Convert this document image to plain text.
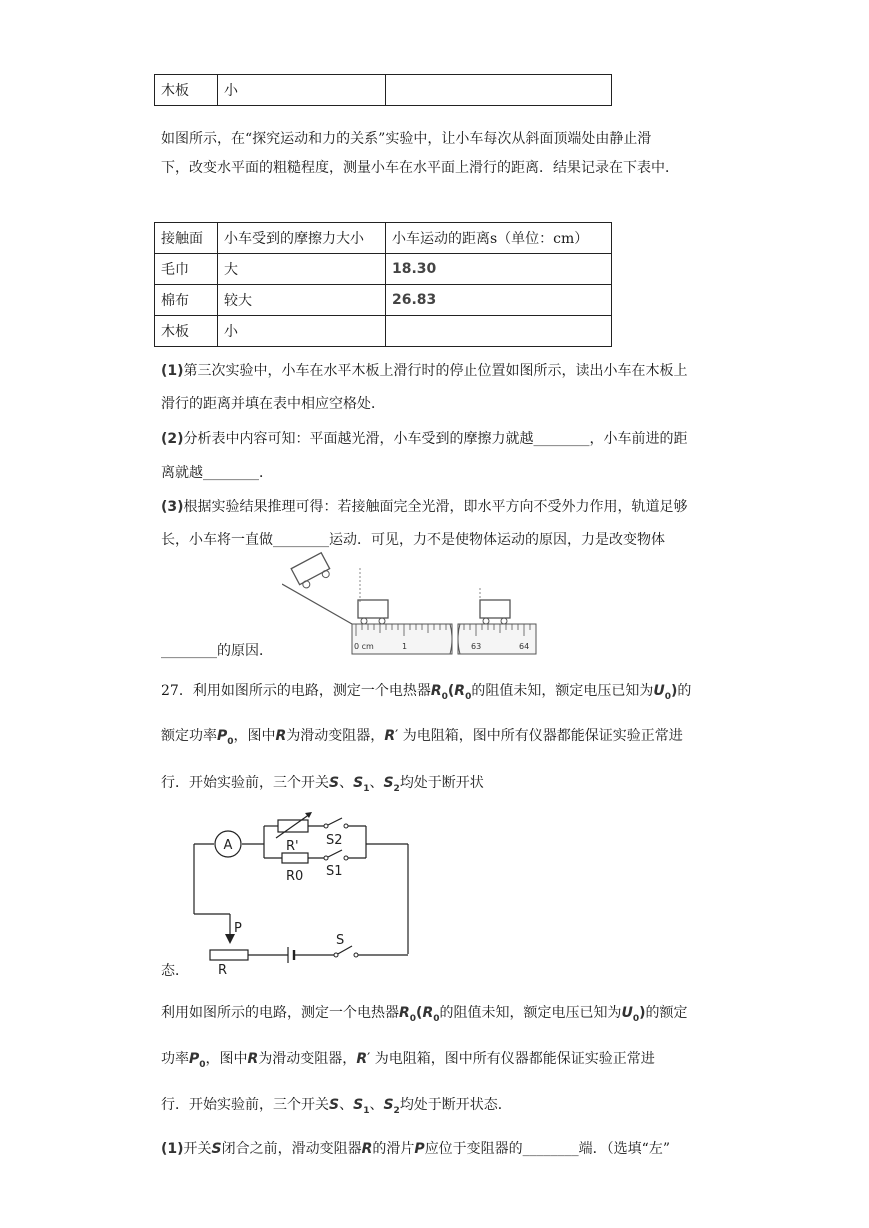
木板	小	
如图所示，在“探究运动和力的关系”实验中，让小车每次从斜面顶端处由静止滑
下，改变水平面的粗糙程度，测量小车在水平面上滑行的距离．结果记录在下表中．
接触面	小车受到的摩擦力大小	小车运动的距离s（单位：cm）
毛巾	大	18.30
棉布	较大	26.83
木板	小	
(1)第三次实验中，小车在水平木板上滑行时的停止位置如图所示，读出小车在木板上
滑行的距离并填在表中相应空格处．
(2)分析表中内容可知：平面越光滑，小车受到的摩擦力就越________，小车前进的距
离就越________．
(3)根据实验结果推理可得：若接触面完全光滑，即水平方向不受外力作用，轨道足够
长，小车将一直做________运动．可见，力不是使物体运动的原因，力是改变物体
________的原因．	0 cm	1	63	64
27．利用如图所示的电路，测定一个电热器$R_0(R_0$的阻值未知，额定电压已知为$U_0$)的
额定功率$P_0$，图中R为滑动变阻器，R′ 为电阻箱，图中所有仪器都能保证实验正常进
行．开始实验前，三个开关S、$S_1$、$S_2$均处于断开状
态．
A	R'
R0
S2
S1
P
R
S
利用如图所示的电路，测定一个电热器$R_0(R_0$的阻值未知，额定电压已知为$U_0$)的额定
功率$P_0$，图中R为滑动变阻器，R′ 为电阻箱，图中所有仪器都能保证实验正常进
行．开始实验前，三个开关S、$S_1$、$S_2$均处于断开状态．
(1)开关S闭合之前，滑动变阻器R的滑片P应位于变阻器的________端．（选填“左”
